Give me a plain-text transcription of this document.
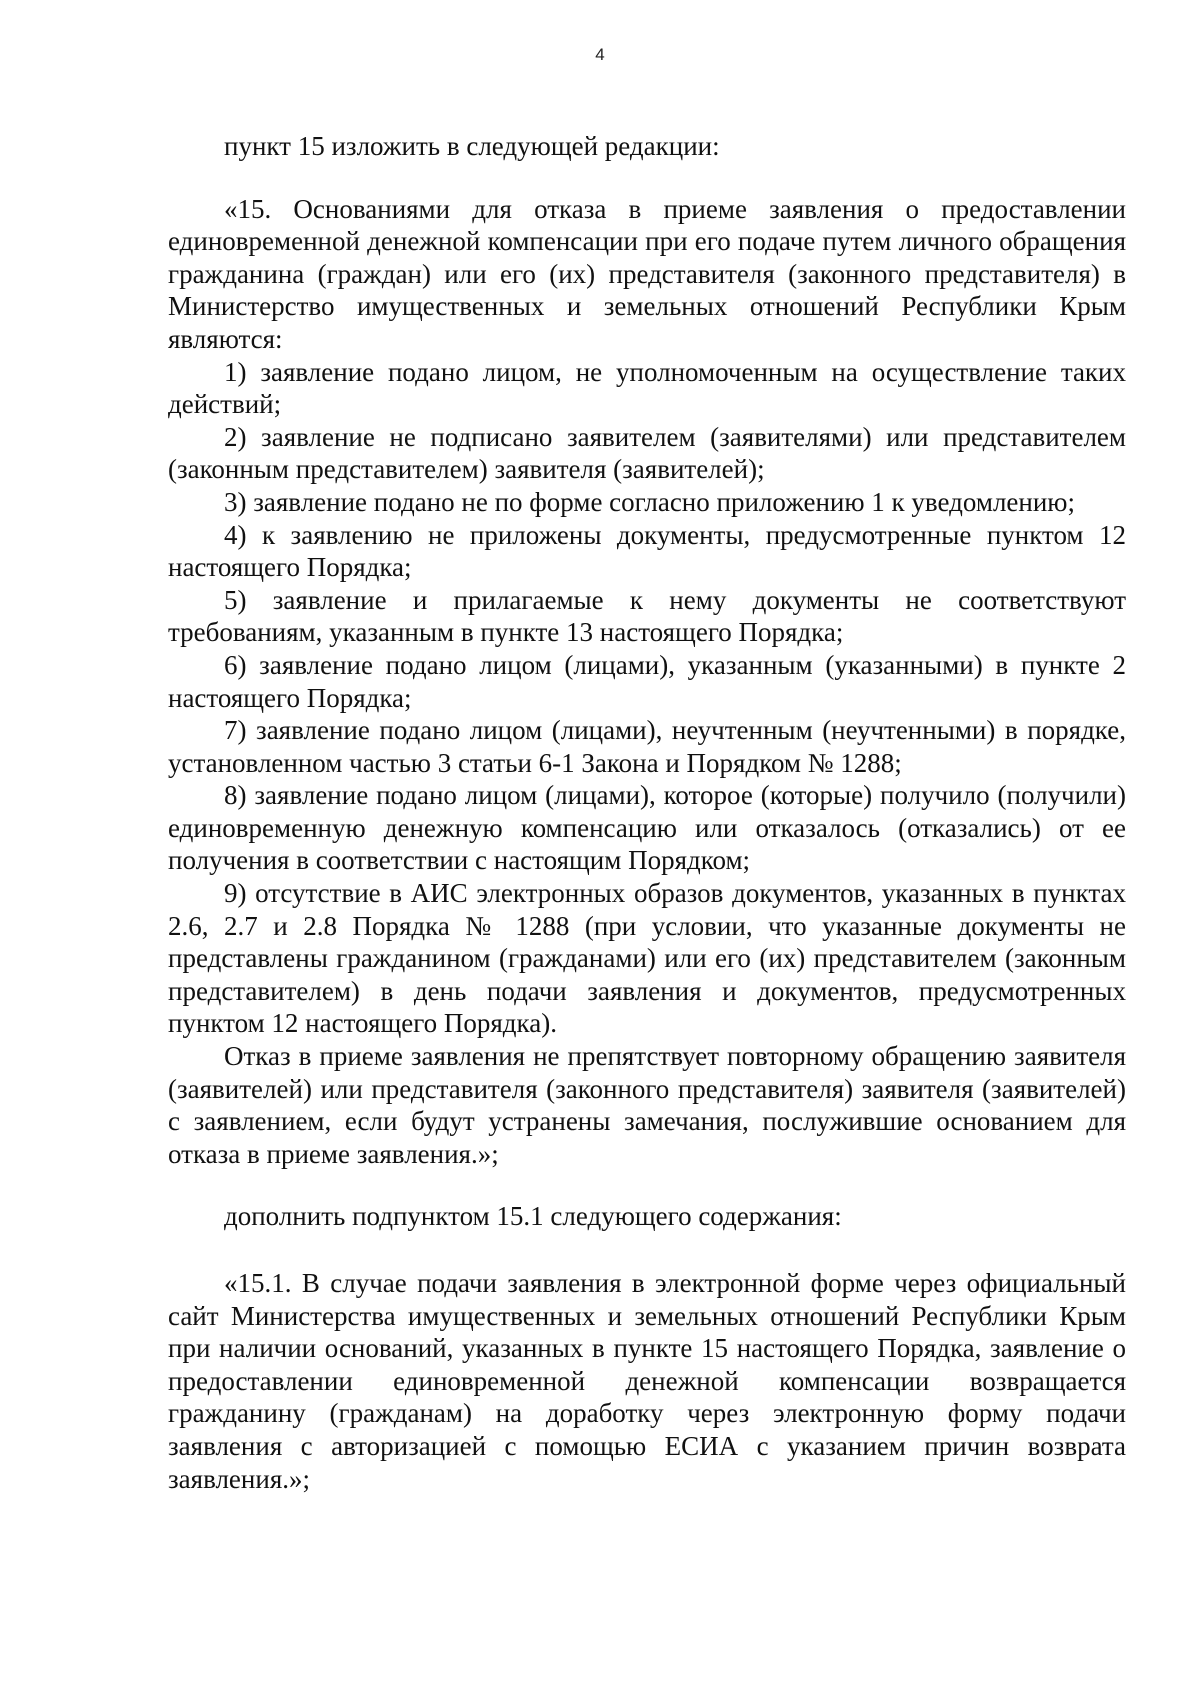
4

пункт 15 изложить в следующей редакции:

«15. Основаниями для отказа в приеме заявления о предоставлении единовременной денежной компенсации при его подаче путем личного обращения гражданина (граждан) или его (их) представителя (законного представителя) в Министерство имущественных и земельных отношений Республики Крым являются:

1) заявление подано лицом, не уполномоченным на осуществление таких действий;

2) заявление не подписано заявителем (заявителями) или представителем (законным представителем) заявителя (заявителей);

3) заявление подано не по форме согласно приложению 1 к уведомлению;

4) к заявлению не приложены документы, предусмотренные пунктом 12 настоящего Порядка;

5) заявление и прилагаемые к нему документы не соответствуют требованиям, указанным в пункте 13 настоящего Порядка;

6) заявление подано лицом (лицами), указанным (указанными) в пункте 2 настоящего Порядка;

7) заявление подано лицом (лицами), неучтенным (неучтенными) в порядке, установленном частью 3 статьи 6-1 Закона и Порядком № 1288;

8) заявление подано лицом (лицами), которое (которые) получило (получили) единовременную денежную компенсацию или отказалось (отказались) от ее получения в соответствии с настоящим Порядком;

9) отсутствие в АИС электронных образов документов, указанных в пунктах 2.6, 2.7 и 2.8 Порядка № 1288 (при условии, что указанные документы не представлены гражданином (гражданами) или его (их) представителем (законным представителем) в день подачи заявления и документов, предусмотренных пунктом 12 настоящего Порядка).

Отказ в приеме заявления не препятствует повторному обращению заявителя (заявителей) или представителя (законного представителя) заявителя (заявителей) с заявлением, если будут устранены замечания, послужившие основанием для отказа в приеме заявления.»;

дополнить подпунктом 15.1 следующего содержания:

«15.1. В случае подачи заявления в электронной форме через официальный сайт Министерства имущественных и земельных отношений Республики Крым при наличии оснований, указанных в пункте 15 настоящего Порядка, заявление о предоставлении единовременной денежной компенсации возвращается гражданину (гражданам) на доработку через электронную форму подачи заявления с авторизацией с помощью ЕСИА с указанием причин возврата заявления.»;
